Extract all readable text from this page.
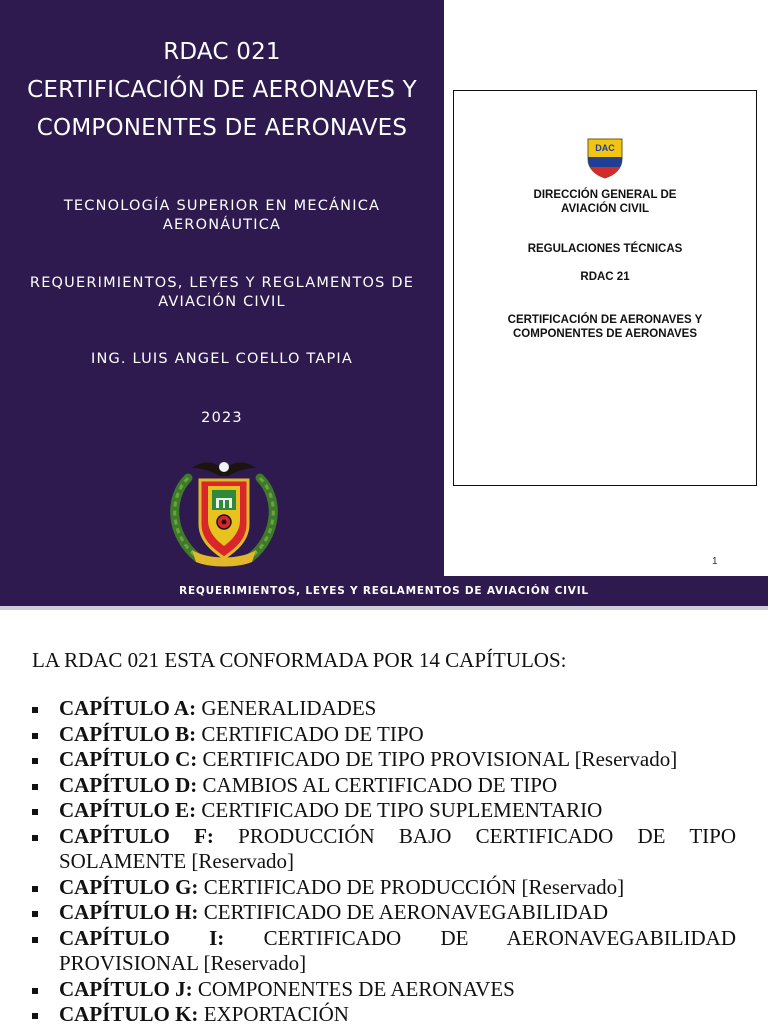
RDAC 021
CERTIFICACIÓN DE AERONAVES Y
COMPONENTES DE AERONAVES
TECNOLOGÍA SUPERIOR EN MECÁNICA AERONÁUTICA
REQUERIMIENTOS, LEYES Y REGLAMENTOS DE AVIACIÓN CIVIL
ING. LUIS ANGEL COELLO TAPIA
2023
DAC
DIRECCIÓN GENERAL DE AVIACIÓN CIVIL
REGULACIONES TÉCNICAS
RDAC 21
CERTIFICACIÓN DE AERONAVES Y COMPONENTES DE AERONAVES
1
REQUERIMIENTOS, LEYES Y REGLAMENTOS DE AVIACIÓN CIVIL
LA RDAC 021 ESTA CONFORMADA POR 14 CAPÍTULOS:
CAPÍTULO A: GENERALIDADES
CAPÍTULO B: CERTIFICADO DE TIPO
CAPÍTULO C: CERTIFICADO DE TIPO PROVISIONAL [Reservado]
CAPÍTULO D: CAMBIOS AL CERTIFICADO DE TIPO
CAPÍTULO E: CERTIFICADO DE TIPO SUPLEMENTARIO
CAPÍTULO F: PRODUCCIÓN BAJO CERTIFICADO DE TIPO SOLAMENTE [Reservado]
CAPÍTULO G: CERTIFICADO DE PRODUCCIÓN [Reservado]
CAPÍTULO H: CERTIFICADO DE AERONAVEGABILIDAD
CAPÍTULO I: CERTIFICADO DE AERONAVEGABILIDAD PROVISIONAL [Reservado]
CAPÍTULO J: COMPONENTES DE AERONAVES
CAPÍTULO K: EXPORTACIÓN
